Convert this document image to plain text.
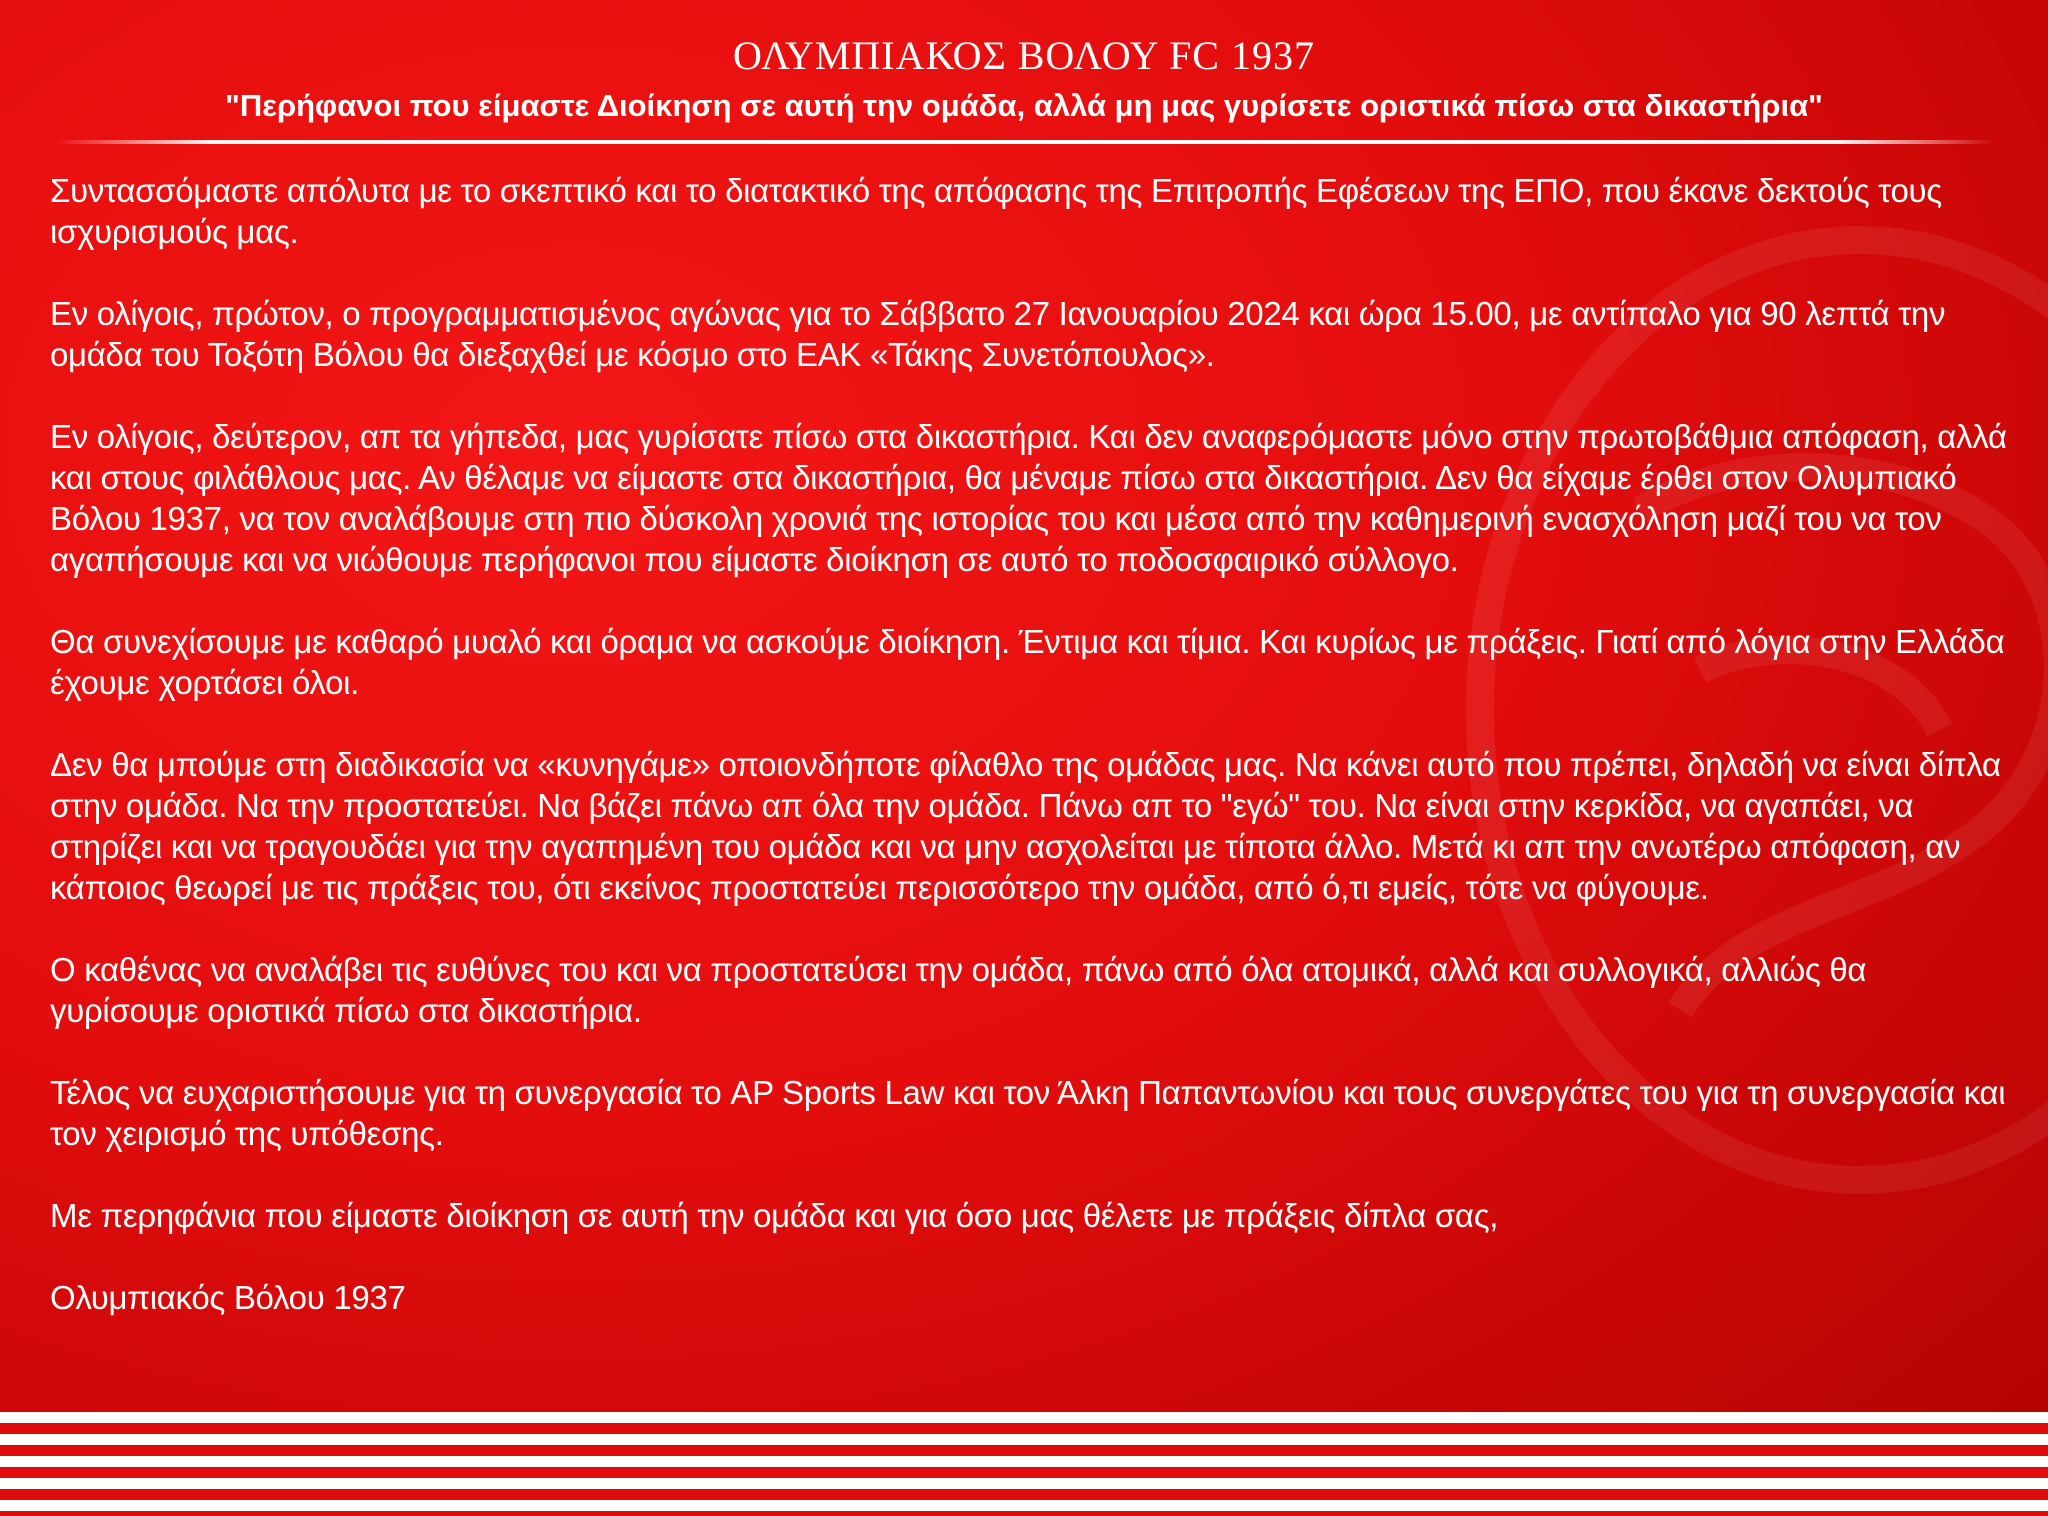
ΟΛΥΜΠΙΑΚΟΣ ΒΟΛΟΥ FC 1937
"Περήφανοι που είμαστε Διοίκηση σε αυτή την ομάδα, αλλά μη μας γυρίσετε οριστικά πίσω στα δικαστήρια"

Συντασσόμαστε απόλυτα με το σκεπτικό και το διατακτικό της απόφασης της Επιτροπής Εφέσεων της ΕΠΟ, που έκανε δεκτούς τους ισχυρισμούς μας.

Εν ολίγοις, πρώτον, ο προγραμματισμένος αγώνας για το Σάββατο 27 Ιανουαρίου 2024 και ώρα 15.00, με αντίπαλο για 90 λεπτά την ομάδα του Τοξότη Βόλου θα διεξαχθεί με κόσμο στο ΕΑΚ «Τάκης Συνετόπουλος».

Εν ολίγοις, δεύτερον, απ τα γήπεδα, μας γυρίσατε πίσω στα δικαστήρια. Και δεν αναφερόμαστε μόνο στην πρωτοβάθμια απόφαση, αλλά και στους φιλάθλους μας. Αν θέλαμε να είμαστε στα δικαστήρια, θα μέναμε πίσω στα δικαστήρια. Δεν θα είχαμε έρθει στον Ολυμπιακό Βόλου 1937, να τον αναλάβουμε στη πιο δύσκολη χρονιά της ιστορίας του και μέσα από την καθημερινή ενασχόληση μαζί του να τον αγαπήσουμε και να νιώθουμε περήφανοι που είμαστε διοίκηση σε αυτό το ποδοσφαιρικό σύλλογο.

Θα συνεχίσουμε με καθαρό μυαλό και όραμα να ασκούμε διοίκηση. Έντιμα και τίμια. Και κυρίως με πράξεις. Γιατί από λόγια στην Ελλάδα έχουμε χορτάσει όλοι.

Δεν θα μπούμε στη διαδικασία να «κυνηγάμε» οποιονδήποτε φίλαθλο της ομάδας μας. Να κάνει αυτό που πρέπει, δηλαδή να είναι δίπλα στην ομάδα. Να την προστατεύει. Να βάζει πάνω απ όλα την ομάδα. Πάνω απ το "εγώ" του. Να είναι στην κερκίδα, να αγαπάει, να στηρίζει και να τραγουδάει για την αγαπημένη του ομάδα και να μην ασχολείται με τίποτα άλλο. Μετά κι απ την ανωτέρω απόφαση, αν κάποιος θεωρεί με τις πράξεις του, ότι εκείνος προστατεύει περισσότερο την ομάδα, από ό,τι εμείς, τότε να φύγουμε.

Ο καθένας να αναλάβει τις ευθύνες του και να προστατεύσει την ομάδα, πάνω από όλα ατομικά, αλλά και συλλογικά, αλλιώς θα γυρίσουμε οριστικά πίσω στα δικαστήρια.

Τέλος να ευχαριστήσουμε για τη συνεργασία το AP Sports Law και τον Άλκη Παπαντωνίου και τους συνεργάτες του για τη συνεργασία και τον χειρισμό της υπόθεσης.

Με περηφάνια που είμαστε διοίκηση σε αυτή την ομάδα και για όσο μας θέλετε με πράξεις δίπλα σας,

Ολυμπιακός Βόλου 1937
